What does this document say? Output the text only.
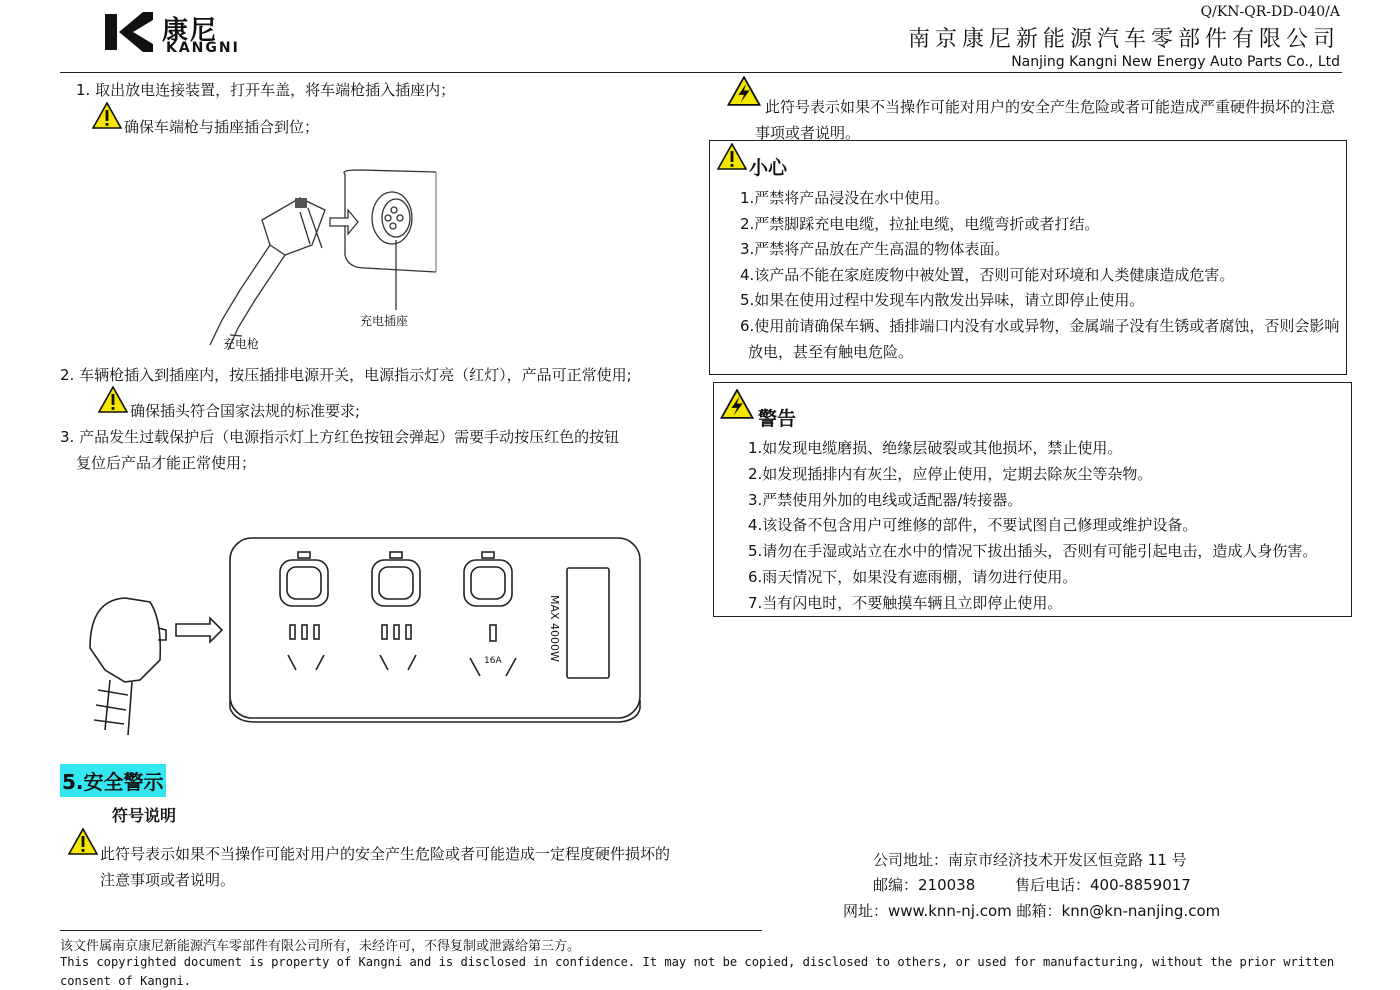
康尼
KANGNI
Q/KN-QR-DD-040/A
南京康尼新能源汽车零部件有限公司
Nanjing Kangni New Energy Auto Parts Co., Ltd
1. 取出放电连接装置，打开车盖，将车端枪插入插座内；
确保车端枪与插座插合到位；
充电插座
充电枪
2. 车辆枪插入到插座内，按压插排电源开关，电源指示灯亮（红灯），产品可正常使用;
确保插头符合国家法规的标准要求;
3. 产品发生过载保护后（电源指示灯上方红色按钮会弹起）需要手动按压红色的按钮
复位后产品才能正常使用；
MAX 4000W
16A
5.安全警示
符号说明
此符号表示如果不当操作可能对用户的安全产生危险或者可能造成一定程度硬件损坏的
注意事项或者说明。
此符号表示如果不当操作可能对用户的安全产生危险或者可能造成严重硬件损坏的注意
事项或者说明。
小心
1.严禁将产品浸没在水中使用。
2.严禁脚踩充电电缆，拉扯电缆，电缆弯折或者打结。
3.严禁将产品放在产生高温的物体表面。
4.该产品不能在家庭废物中被处置，否则可能对环境和人类健康造成危害。
5.如果在使用过程中发现车内散发出异味，请立即停止使用。
6.使用前请确保车辆、插排端口内没有水或异物，金属端子没有生锈或者腐蚀，否则会影响
放电，甚至有触电危险。
警告
1.如发现电缆磨损、绝缘层破裂或其他损坏，禁止使用。
2.如发现插排内有灰尘，应停止使用，定期去除灰尘等杂物。
3.严禁使用外加的电线或适配器/转接器。
4.该设备不包含用户可维修的部件，不要试图自己修理或维护设备。
5.请勿在手湿或站立在水中的情况下拔出插头，否则有可能引起电击，造成人身伤害。
6.雨天情况下，如果没有遮雨棚，请勿进行使用。
7.当有闪电时，不要触摸车辆且立即停止使用。
公司地址：南京市经济技术开发区恒竞路 11 号
邮编：210038	售后电话：400-8859017
网址：www.knn-nj.com 邮箱：knn@kn-nanjing.com
该文件属南京康尼新能源汽车零部件有限公司所有，未经许可，不得复制或泄露给第三方。
This copyrighted document is property of Kangni and is disclosed in confidence. It may not be copied, disclosed to others, or used for manufacturing, without the prior written
consent of Kangni.
